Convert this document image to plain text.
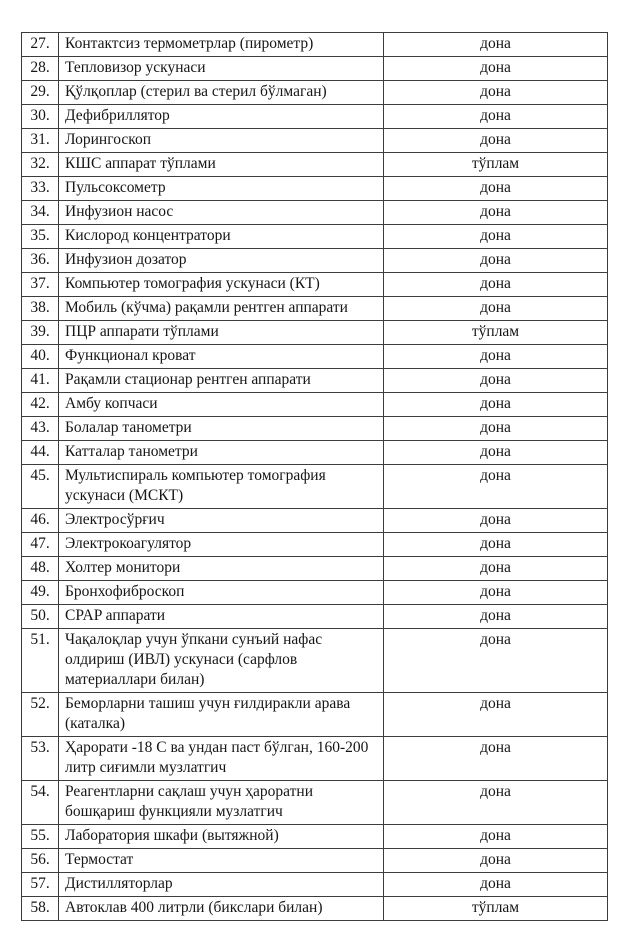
27.	Контактсиз термометрлар (пирометр)	дона
28.	Тепловизор ускунаси	дона
29.	Қўлқоплар (стерил ва стерил бўлмаган)	дона
30.	Дефибриллятор	дона
31.	Лорингоскоп	дона
32.	КШС аппарат тўплами	тўплам
33.	Пульсоксометр	дона
34.	Инфузион насос	дона
35.	Кислород концентратори	дона
36.	Инфузион дозатор	дона
37.	Компьютер томография ускунаси (КТ)	дона
38.	Мобиль (кўчма) рақамли рентген аппарати	дона
39.	ПЦР аппарати тўплами	тўплам
40.	Функционал кроват	дона
41.	Рақамли стационар рентген аппарати	дона
42.	Амбу копчаси	дона
43.	Болалар танометри	дона
44.	Катталар танометри	дона
45.	Мультиспираль компьютер томография ускунаси (МСКТ)	дона
46.	Электросўрғич	дона
47.	Электрокоагулятор	дона
48.	Холтер монитори	дона
49.	Бронхофиброскоп	дона
50.	CPAP аппарати	дона
51.	Чақалоқлар учун ўпкани сунъий нафас олдириш (ИВЛ) ускунаси (сарфлов материаллари билан)	дона
52.	Беморларни ташиш учун ғилдиракли арава (каталка)	дона
53.	Ҳарорати -18 С ва ундан паст бўлган, 160-200 литр сиғимли музлатгич	дона
54.	Реагентларни сақлаш учун ҳароратни бошқариш функцияли музлатгич	дона
55.	Лаборатория шкафи (вытяжной)	дона
56.	Термостат	дона
57.	Дистилляторлар	дона
58.	Автоклав 400 литрли (бикслари билан)	тўплам
